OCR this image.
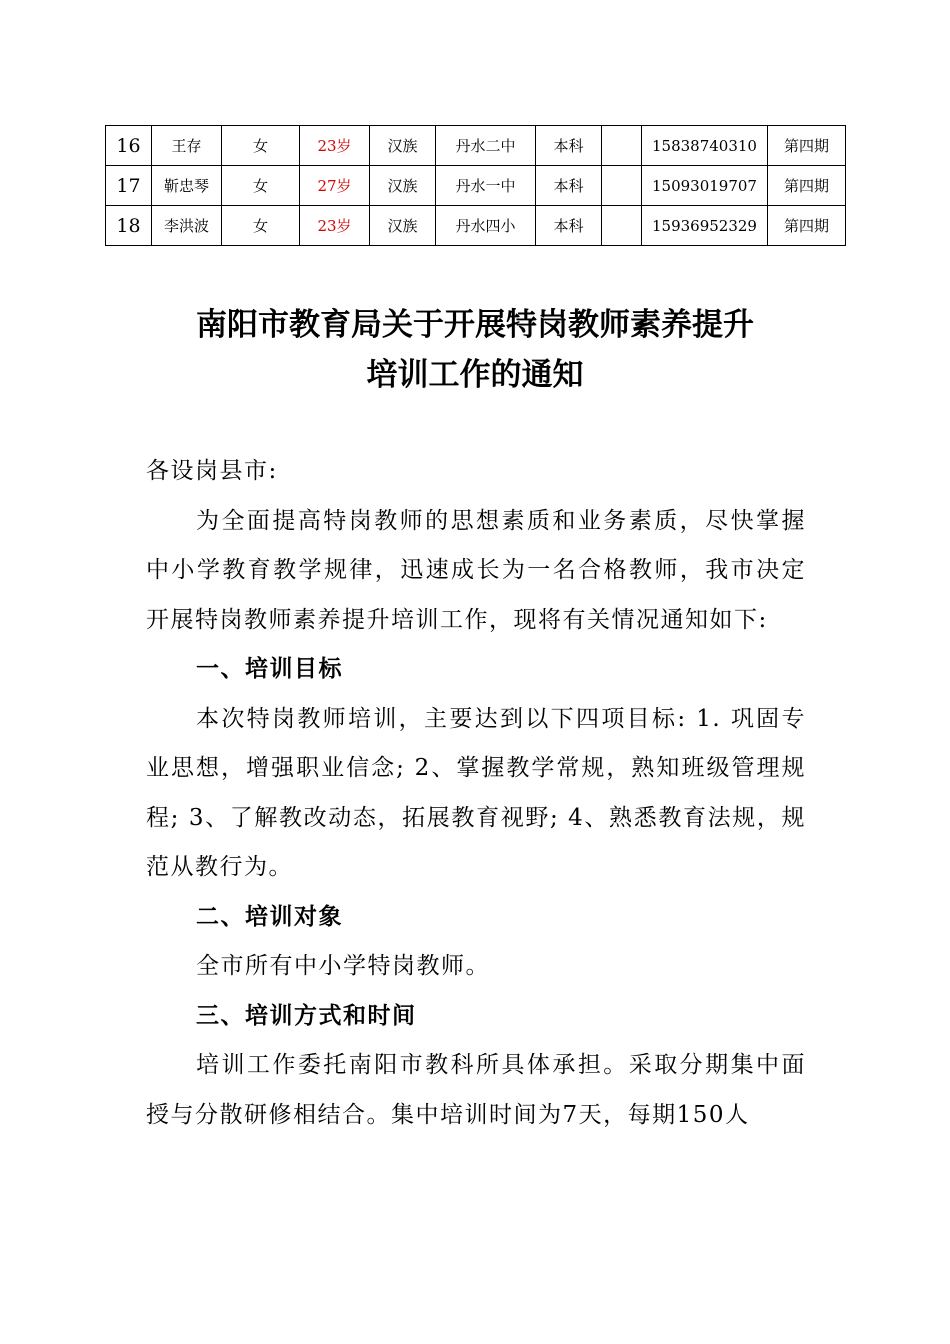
16	王存	女	23岁	汉族	丹水二中	本科		15838740310	第四期
17	靳忠琴	女	27岁	汉族	丹水一中	本科		15093019707	第四期
18	李洪波	女	23岁	汉族	丹水四小	本科		15936952329	第四期
南阳市教育局关于开展特岗教师素养提升
培训工作的通知

各设岗县市:

为全面提高特岗教师的思想素质和业务素质，尽快掌握中小学教育教学规律，迅速成长为一名合格教师，我市决定开展特岗教师素养提升培训工作，现将有关情况通知如下:

一、培训目标

本次特岗教师培训，主要达到以下四项目标: 1. 巩固专业思想，增强职业信念; 2、掌握教学常规，熟知班级管理规程; 3、了解教改动态，拓展教育视野; 4、熟悉教育法规，规范从教行为。

二、培训对象

全市所有中小学特岗教师。

三、培训方式和时间

培训工作委托南阳市教科所具体承担。采取分期集中面授与分散研修相结合。集中培训时间为7天，每期150人
